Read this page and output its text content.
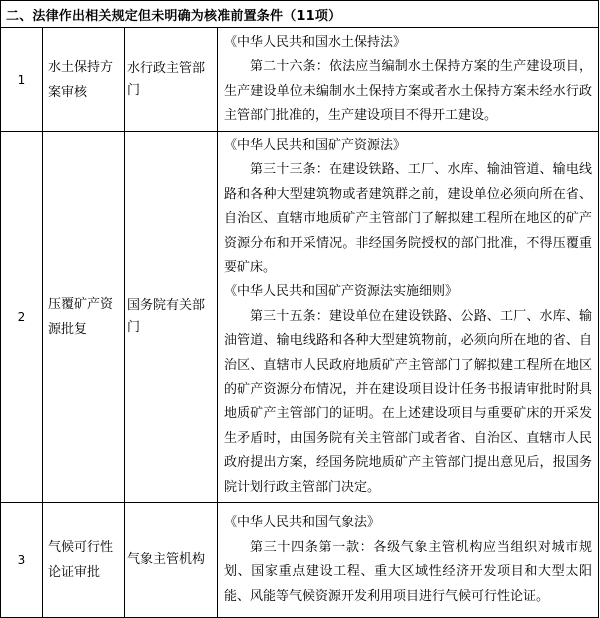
二、法律作出相关规定但未明确为核准前置条件（11项）			
1	水土保持方案审核	水行政主管部门	《中华人民共和国水土保持法》
第二十六条：依法应当编制水土保持方案的生产建设项目，生产建设单位未编制水土保持方案或者水土保持方案未经水行政主管部门批准的，生产建设项目不得开工建设。

2	压覆矿产资源批复	国务院有关部门	《中华人民共和国矿产资源法》
第三十三条：在建设铁路、工厂、水库、输油管道、输电线路和各种大型建筑物或者建筑群之前，建设单位必须向所在省、自治区、直辖市地质矿产主管部门了解拟建工程所在地区的矿产资源分布和开采情况。非经国务院授权的部门批准，不得压覆重要矿床。
《中华人民共和国矿产资源法实施细则》
第三十五条：建设单位在建设铁路、公路、工厂、水库、输油管道、输电线路和各种大型建筑物前，必须向所在地的省、自治区、直辖市人民政府地质矿产主管部门了解拟建工程所在地区的矿产资源分布情况，并在建设项目设计任务书报请审批时附具地质矿产主管部门的证明。在上述建设项目与重要矿床的开采发生矛盾时，由国务院有关主管部门或者省、自治区、直辖市人民政府提出方案，经国务院地质矿产主管部门提出意见后，报国务院计划行政主管部门决定。

3	气候可行性论证审批	气象主管机构	《中华人民共和国气象法》
第三十四条第一款：各级气象主管机构应当组织对城市规划、国家重点建设工程、重大区域性经济开发项目和大型太阳能、风能等气候资源开发利用项目进行气候可行性论证。
